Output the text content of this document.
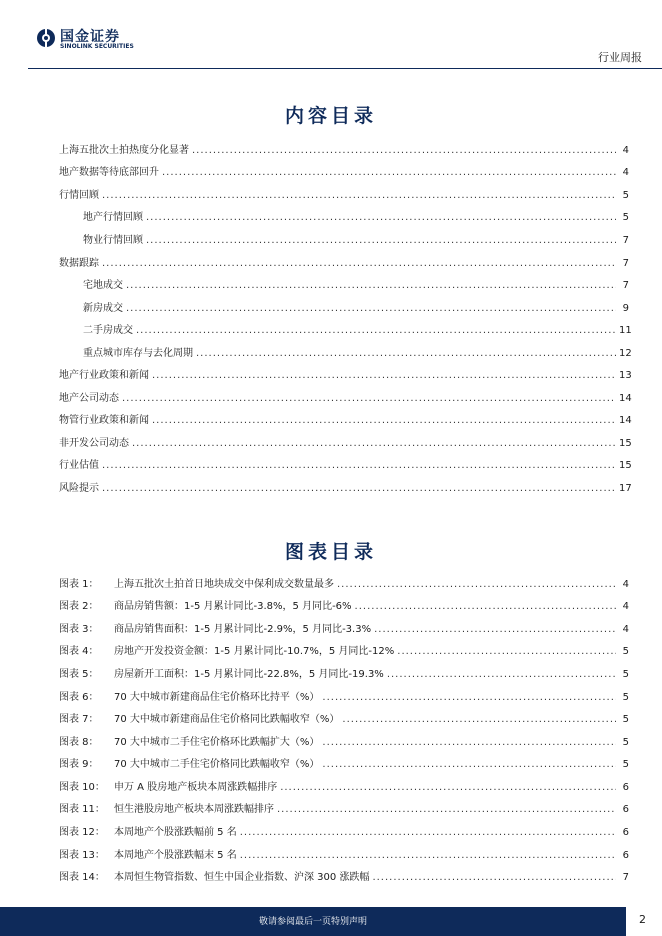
国金证券
SINOLINK SECURITIES
行业周报
内容目录
上海五批次土拍热度分化显著 .....	4
地产数据等待底部回升 .....	4
行情回顾 .....	5
地产行情回顾 .....	5
物业行情回顾 .....	7
数据跟踪 .....	7
宅地成交 .....	7
新房成交 .....	9
二手房成交 .....	11
重点城市库存与去化周期 .....	12
地产行业政策和新闻 .....	13
地产公司动态 .....	14
物管行业政策和新闻 .....	14
非开发公司动态 .....	15
行业估值 .....	15
风险提示 .....	17
图表目录
图表 1：	上海五批次土拍首日地块成交中保利成交数量最多 .....	4
图表 2：	商品房销售额：1-5 月累计同比-3.8%，5 月同比-6% .....	4
图表 3：	商品房销售面积：1-5 月累计同比-2.9%，5 月同比-3.3% .....	4
图表 4：	房地产开发投资金额：1-5 月累计同比-10.7%，5 月同比-12% .....	5
图表 5：	房屋新开工面积：1-5 月累计同比-22.8%，5 月同比-19.3% .....	5
图表 6：	70 大中城市新建商品住宅价格环比持平（%） .....	5
图表 7：	70 大中城市新建商品住宅价格同比跌幅收窄（%） .....	5
图表 8：	70 大中城市二手住宅价格环比跌幅扩大（%） .....	5
图表 9：	70 大中城市二手住宅价格同比跌幅收窄（%） .....	5
图表 10： 申万 A 股房地产板块本周涨跌幅排序 .....	6
图表 11： 恒生港股房地产板块本周涨跌幅排序 .....	6
图表 12： 本周地产个股涨跌幅前 5 名 .....	6
图表 13： 本周地产个股涨跌幅末 5 名 .....	6
图表 14： 本周恒生物管指数、恒生中国企业指数、沪深 300 涨跌幅 .....	7
敬请参阅最后一页特别声明	2
